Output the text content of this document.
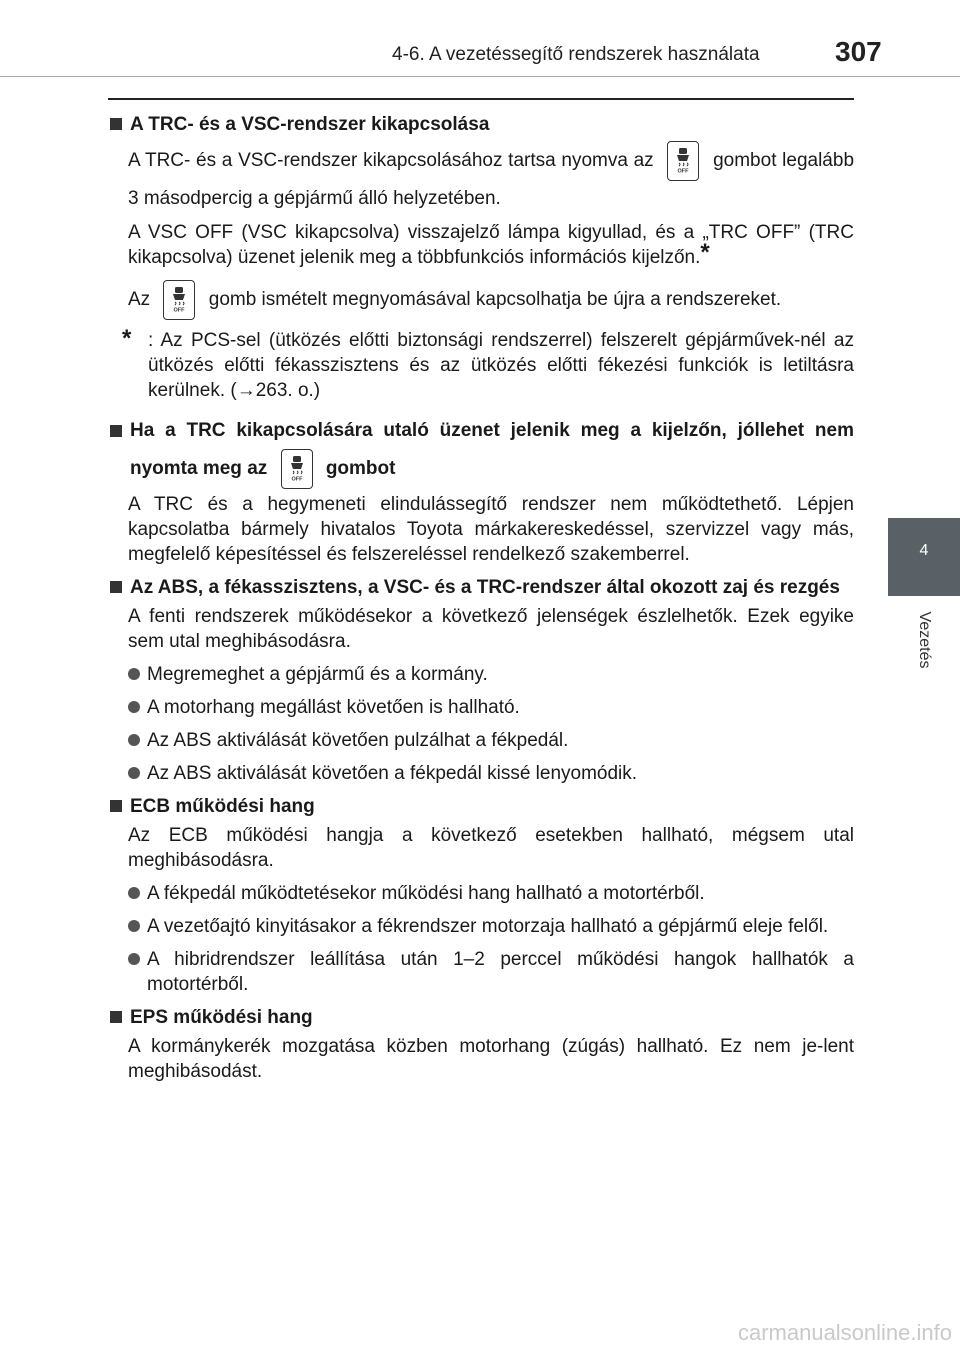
4-6. A vezetéssegítő rendszerek használata	307
4
Vezetés
A TRC- és a VSC-rendszer kikapcsolása
A TRC- és a VSC-rendszer kikapcsolásához tartsa nyomva az
OFF
gombot legalább 3 másodpercig a gépjármű álló helyzetében.
A VSC OFF (VSC kikapcsolva) visszajelző lámpa kigyullad, és a „TRC OFF” (TRC kikapcsolva) üzenet jelenik meg a többfunkciós információs kijelzőn.*
Az
OFF
gomb ismételt megnyomásával kapcsolhatja be újra a rendszereket.
* : Az PCS-sel (ütközés előtti biztonsági rendszerrel) felszerelt gépjárművek-nél az ütközés előtti fékasszisztens és az ütközés előtti fékezési funkciók is letiltásra kerülnek. (→263. o.)
Ha a TRC kikapcsolására utaló üzenet jelenik meg a kijelzőn, jóllehet nem nyomta meg az
OFF
gombot
A TRC és a hegymeneti elindulássegítő rendszer nem működtethető. Lépjen kapcsolatba bármely hivatalos Toyota márkakereskedéssel, szervizzel vagy más, megfelelő képesítéssel és felszereléssel rendelkező szakemberrel.
Az ABS, a fékasszisztens, a VSC- és a TRC-rendszer által okozott zaj és rezgés
A fenti rendszerek működésekor a következő jelenségek észlelhetők. Ezek egyike sem utal meghibásodásra.
Megremeghet a gépjármű és a kormány.
A motorhang megállást követően is hallható.
Az ABS aktiválását követően pulzálhat a fékpedál.
Az ABS aktiválását követően a fékpedál kissé lenyomódik.
ECB működési hang
Az ECB működési hangja a következő esetekben hallható, mégsem utal meghibásodásra.
A fékpedál működtetésekor működési hang hallható a motortérből.
A vezetőajtó kinyitásakor a fékrendszer motorzaja hallható a gépjármű eleje felől.
A hibridrendszer leállítása után 1–2 perccel működési hangok hallhatók a motortérből.
EPS működési hang
A kormánykerék mozgatása közben motorhang (zúgás) hallható. Ez nem je-lent meghibásodást.
carmanualsonline.info
